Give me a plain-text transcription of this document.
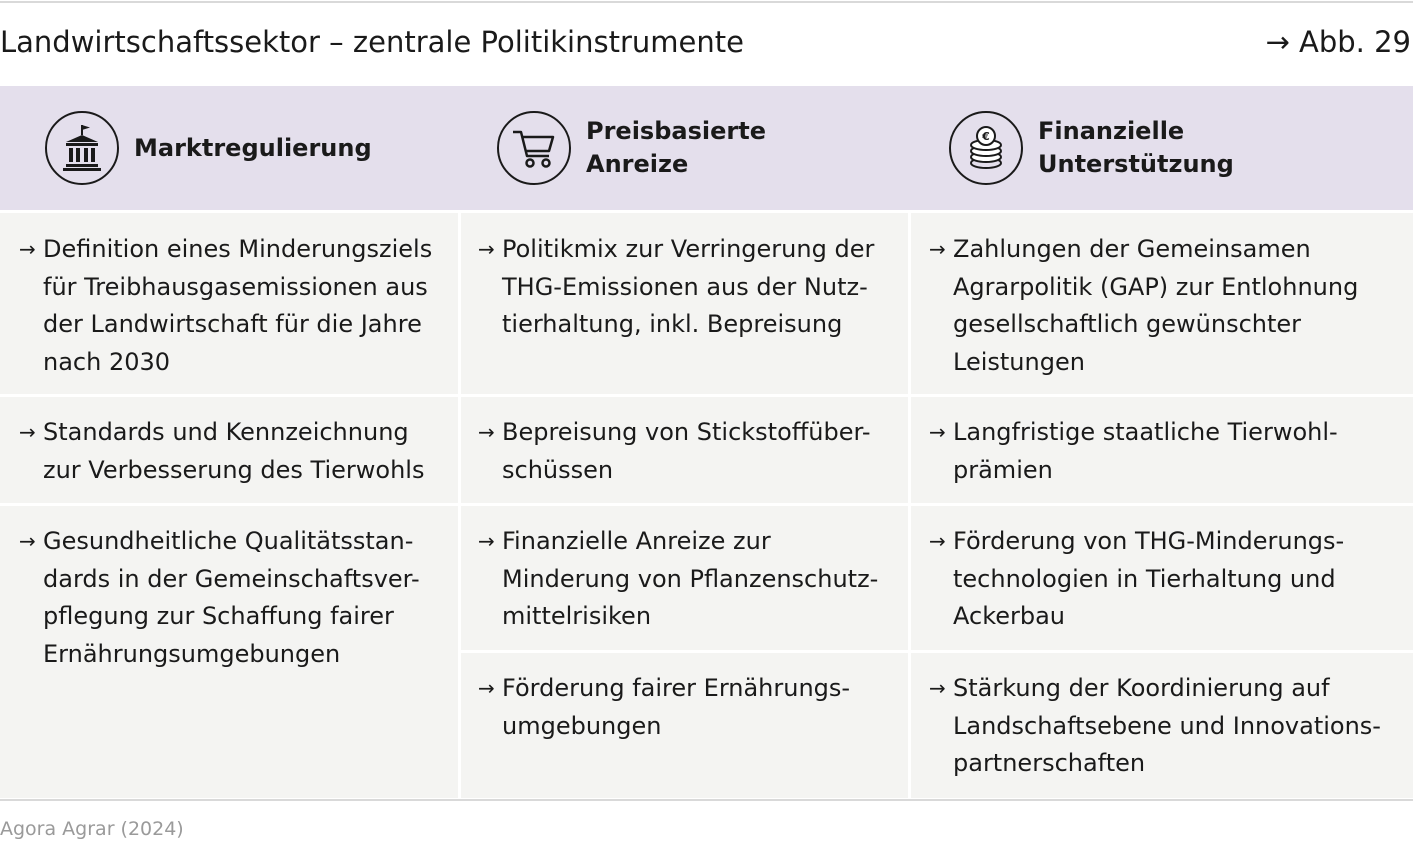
Landwirtschaftssektor – zentrale Politikinstrumente	→ Abb. 29
Marktregulierung
Preisbasierte
Anreize
€ Finanzielle
Unterstützung
→ Definition eines Minderungsziels
für Treibhausgasemissionen aus
der Landwirtschaft für die Jahre
nach 2030
→ Standards und Kennzeichnung
zur Verbesserung des Tierwohls
→ Gesundheitliche Qualitätsstan-
dards in der Gemeinschaftsver-
pflegung zur Schaffung fairer
Ernährungsumgebungen
→ Politikmix zur Verringerung der
THG-Emissionen aus der Nutz-
tierhaltung, inkl. Bepreisung
→ Bepreisung von Stickstoffüber-
schüssen
→ Finanzielle Anreize zur
Minderung von Pflanzenschutz-
mittelrisiken
→ Förderung fairer Ernährungs-
umgebungen
→ Zahlungen der Gemeinsamen
Agrarpolitik (GAP) zur Entlohnung
gesellschaftlich gewünschter
Leistungen
→ Langfristige staatliche Tierwohl-
prämien
→ Förderung von THG-Minderungs-
technologien in Tierhaltung und
Ackerbau
→ Stärkung der Koordinierung auf
Landschaftsebene und Innovations-
partnerschaften
Agora Agrar (2024)
